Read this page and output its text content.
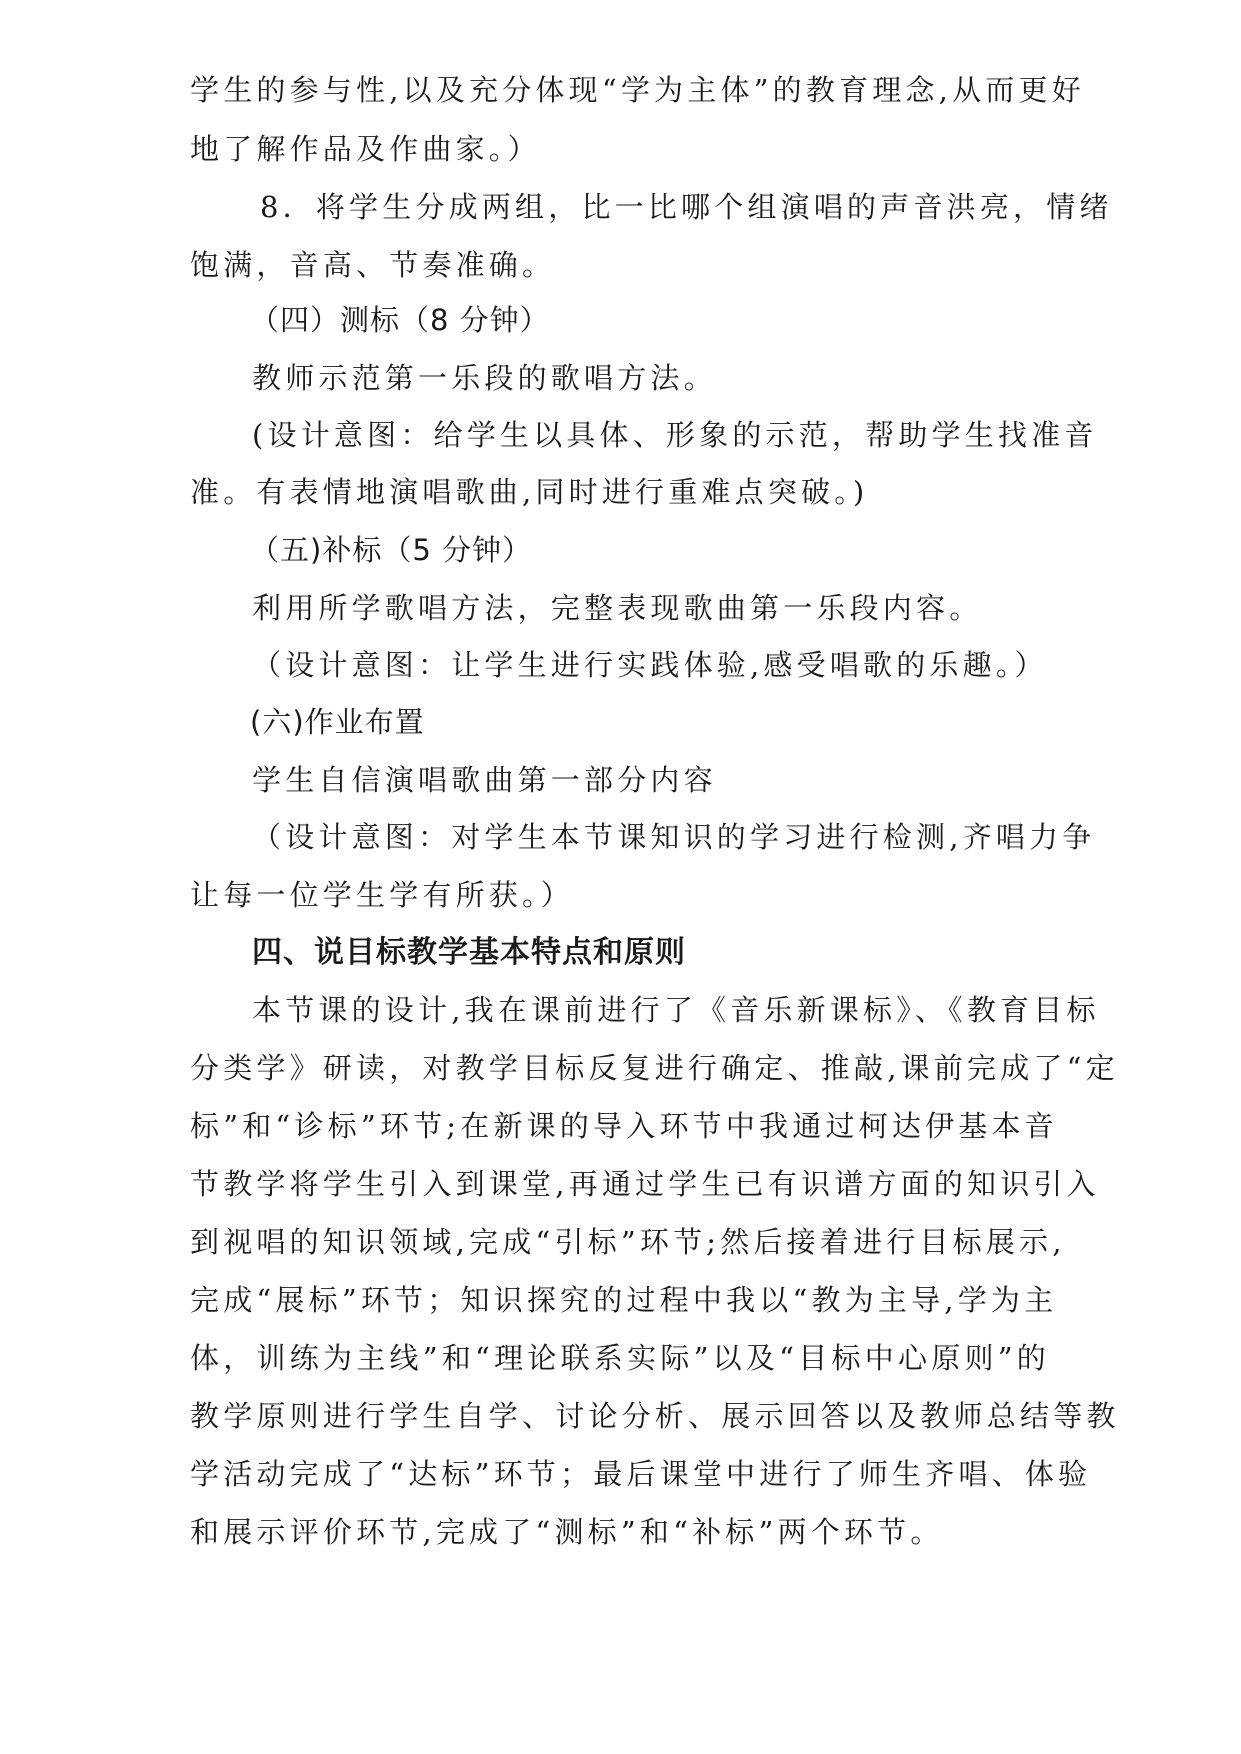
学生的参与性,以及充分体现“学为主体”的教育理念,从而更好
地了解作品及作曲家。）
8．将学生分成两组，比一比哪个组演唱的声音洪亮，情绪
饱满，音高、节奏准确。
（四）测标（8 分钟）
教师示范第一乐段的歌唱方法。
(设计意图：给学生以具体、形象的示范，帮助学生找准音
准。有表情地演唱歌曲,同时进行重难点突破。)
（五)补标（5 分钟）
利用所学歌唱方法，完整表现歌曲第一乐段内容。
（设计意图：让学生进行实践体验,感受唱歌的乐趣。）
(六)作业布置
学生自信演唱歌曲第一部分内容
（设计意图：对学生本节课知识的学习进行检测,齐唱力争
让每一位学生学有所获。）
四、说目标教学基本特点和原则
本节课的设计,我在课前进行了《音乐新课标》、《教育目标
分类学》研读，对教学目标反复进行确定、推敲,课前完成了“定
标”和“诊标”环节;在新课的导入环节中我通过柯达伊基本音
节教学将学生引入到课堂,再通过学生已有识谱方面的知识引入
到视唱的知识领域,完成“引标”环节;然后接着进行目标展示,
完成“展标”环节；知识探究的过程中我以“教为主导,学为主
体，训练为主线”和“理论联系实际”以及“目标中心原则”的
教学原则进行学生自学、讨论分析、展示回答以及教师总结等教
学活动完成了“达标”环节；最后课堂中进行了师生齐唱、体验
和展示评价环节,完成了“测标”和“补标”两个环节。
